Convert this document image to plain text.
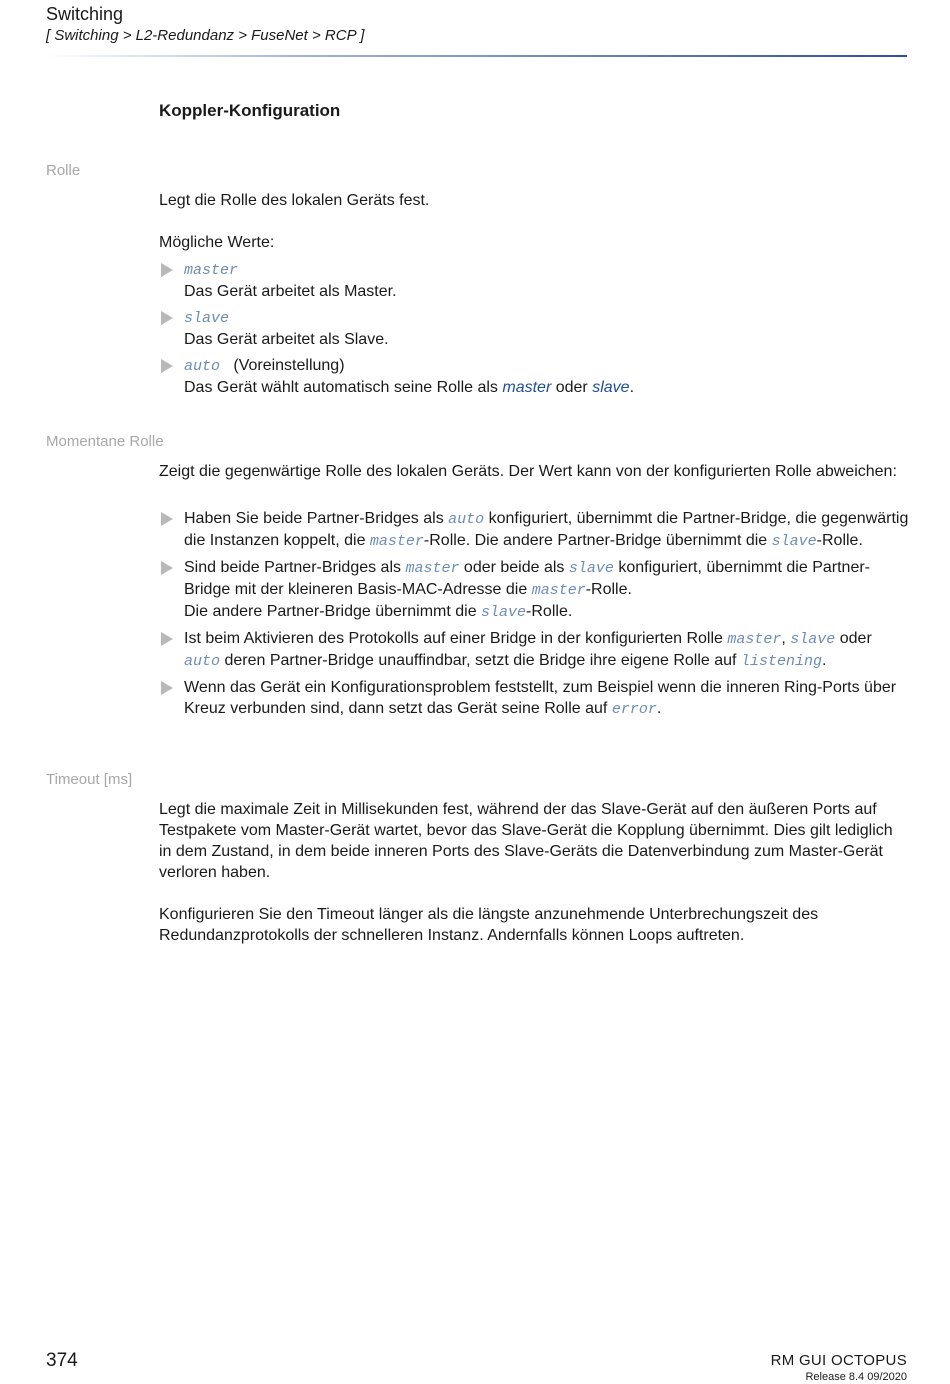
Switching
[ Switching > L2-Redundanz > FuseNet > RCP ]
Koppler-Konfiguration
Rolle
Legt die Rolle des lokalen Geräts fest.
Mögliche Werte:
master
Das Gerät arbeitet als Master.
slave
Das Gerät arbeitet als Slave.
auto (Voreinstellung)
Das Gerät wählt automatisch seine Rolle als master oder slave.
Momentane Rolle
Zeigt die gegenwärtige Rolle des lokalen Geräts. Der Wert kann von der konfigurierten Rolle abweichen:
Haben Sie beide Partner-Bridges als auto konfiguriert, übernimmt die Partner-Bridge, die gegenwärtig die Instanzen koppelt, die master-Rolle. Die andere Partner-Bridge übernimmt die slave-Rolle.
Sind beide Partner-Bridges als master oder beide als slave konfiguriert, übernimmt die Partner-Bridge mit der kleineren Basis-MAC-Adresse die master-Rolle.
Die andere Partner-Bridge übernimmt die slave-Rolle.
Ist beim Aktivieren des Protokolls auf einer Bridge in der konfigurierten Rolle master, slave oder auto deren Partner-Bridge unauffindbar, setzt die Bridge ihre eigene Rolle auf listening.
Wenn das Gerät ein Konfigurationsproblem feststellt, zum Beispiel wenn die inneren Ring-Ports über Kreuz verbunden sind, dann setzt das Gerät seine Rolle auf error.
Timeout [ms]
Legt die maximale Zeit in Millisekunden fest, während der das Slave-Gerät auf den äußeren Ports auf Testpakete vom Master-Gerät wartet, bevor das Slave-Gerät die Kopplung übernimmt. Dies gilt lediglich in dem Zustand, in dem beide inneren Ports des Slave-Geräts die Datenverbindung zum Master-Gerät verloren haben.
Konfigurieren Sie den Timeout länger als die längste anzunehmende Unterbrechungszeit des Redundanzprotokolls der schnelleren Instanz. Andernfalls können Loops auftreten.
374	RM GUI OCTOPUS
Release 8.4 09/2020
